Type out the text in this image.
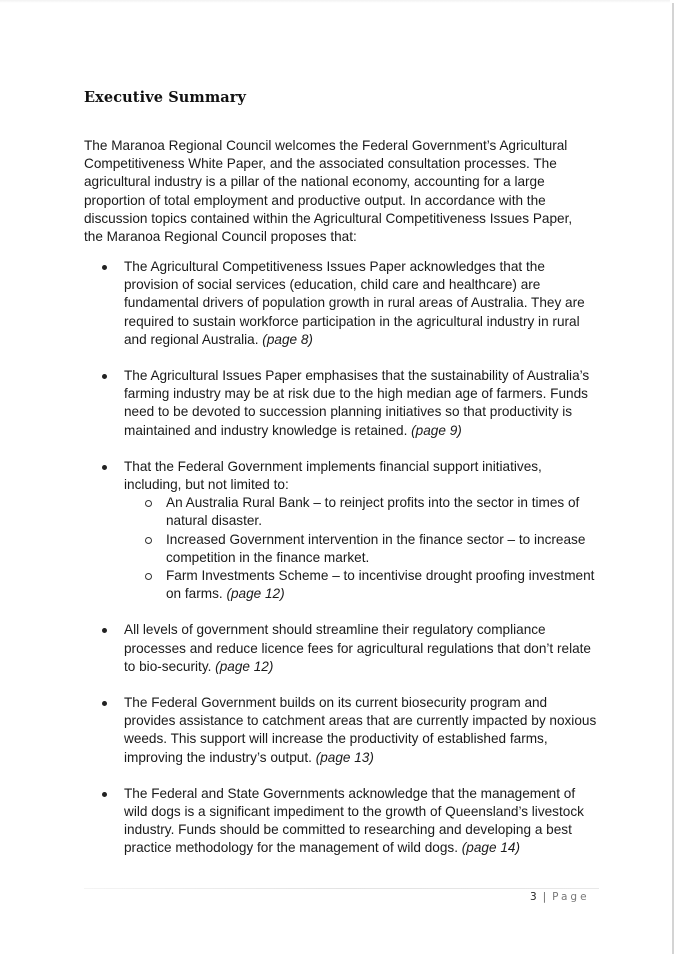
Executive Summary

The Maranoa Regional Council welcomes the Federal Government’s Agricultural Competitiveness White Paper, and the associated consultation processes. The agricultural industry is a pillar of the national economy, accounting for a large proportion of total employment and productive output. In accordance with the discussion topics contained within the Agricultural Competitiveness Issues Paper, the Maranoa Regional Council proposes that:

The Agricultural Competitiveness Issues Paper acknowledges that the provision of social services (education, child care and healthcare) are fundamental drivers of population growth in rural areas of Australia. They are required to sustain workforce participation in the agricultural industry in rural and regional Australia. (page 8)
The Agricultural Issues Paper emphasises that the sustainability of Australia’s farming industry may be at risk due to the high median age of farmers. Funds need to be devoted to succession planning initiatives so that productivity is maintained and industry knowledge is retained. (page 9)
That the Federal Government implements financial support initiatives, including, but not limited to:
An Australia Rural Bank – to reinject profits into the sector in times of natural disaster.
Increased Government intervention in the finance sector – to increase competition in the finance market.
Farm Investments Scheme – to incentivise drought proofing investment on farms. (page 12)
All levels of government should streamline their regulatory compliance processes and reduce licence fees for agricultural regulations that don’t relate to bio-security. (page 12)
The Federal Government builds on its current biosecurity program and provides assistance to catchment areas that are currently impacted by noxious weeds. This support will increase the productivity of established farms, improving the industry’s output. (page 13)
The Federal and State Governments acknowledge that the management of wild dogs is a significant impediment to the growth of Queensland’s livestock industry. Funds should be committed to researching and developing a best practice methodology for the management of wild dogs. (page 14)
3 | Page
